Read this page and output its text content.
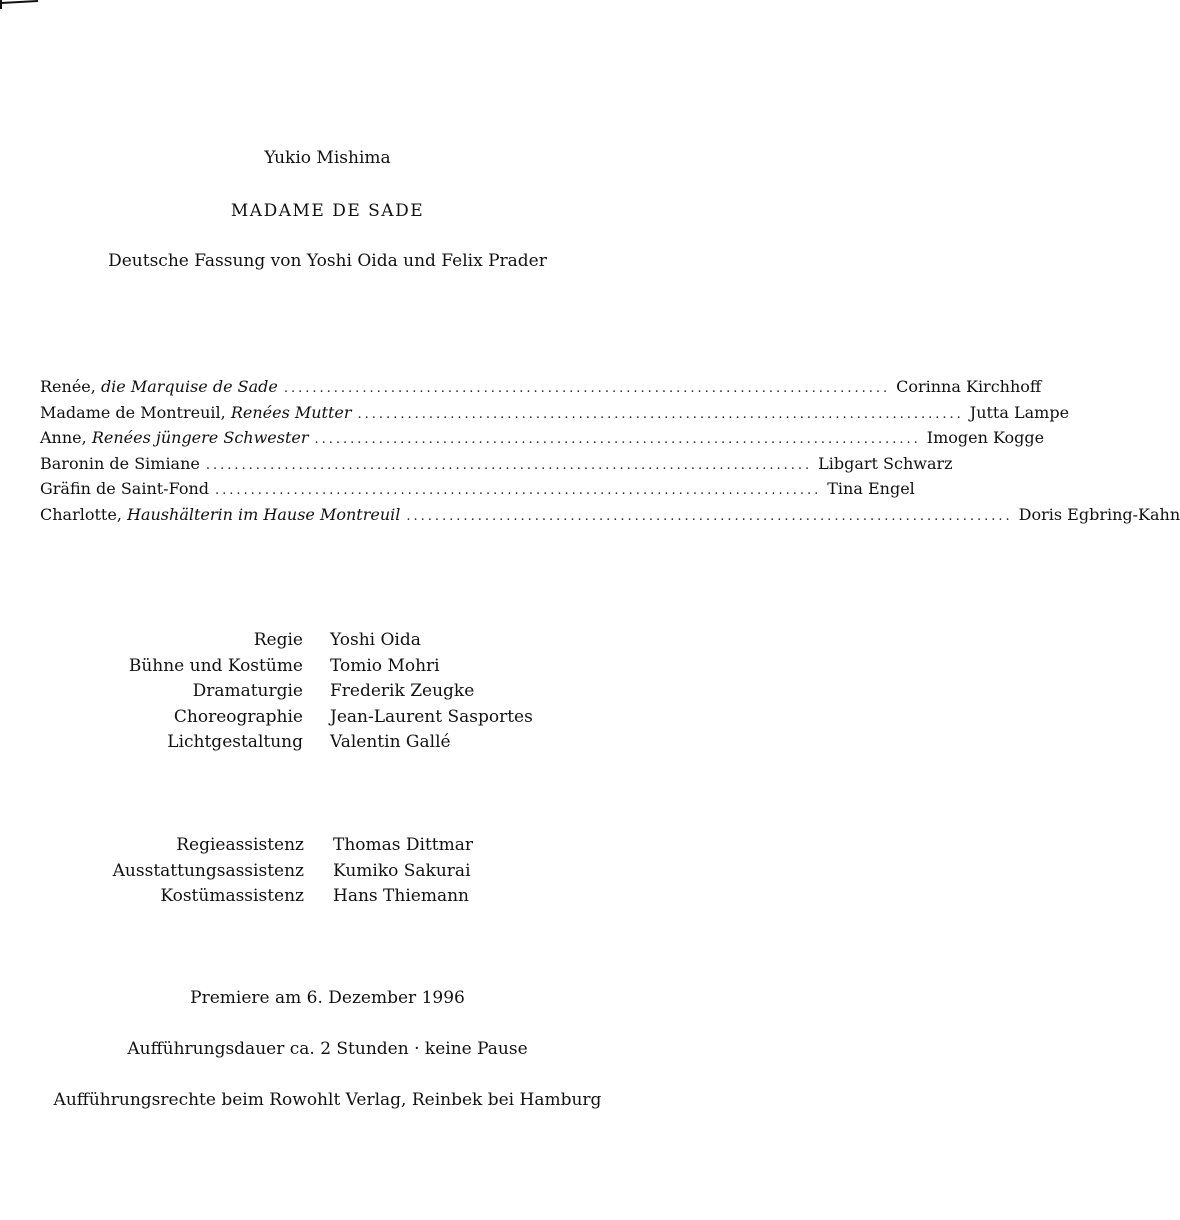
Yukio Mishima
MADAME DE SADE
Deutsche Fassung von Yoshi Oida und Felix Prader
Renée, die Marquise de Sade ..................................................................................... Corinna Kirchhoff
Madame de Montreuil, Renées Mutter ..................................................................................... Jutta Lampe
Anne, Renées jüngere Schwester ..................................................................................... Imogen Kogge
Baronin de Simiane ..................................................................................... Libgart Schwarz
Gräfin de Saint-Fond ..................................................................................... Tina Engel
Charlotte, Haushälterin im Hause Montreuil ..................................................................................... Doris Egbring-Kahn
Regie	Yoshi Oida
Bühne und Kostüme	Tomio Mohri
Dramaturgie	Frederik Zeugke
Choreographie	Jean-Laurent Sasportes
Lichtgestaltung	Valentin Gallé
Regieassistenz	Thomas Dittmar
Ausstattungsassistenz	Kumiko Sakurai
Kostümassistenz	Hans Thiemann
Premiere am 6. Dezember 1996
Aufführungsdauer ca. 2 Stunden · keine Pause
Aufführungsrechte beim Rowohlt Verlag, Reinbek bei Hamburg
